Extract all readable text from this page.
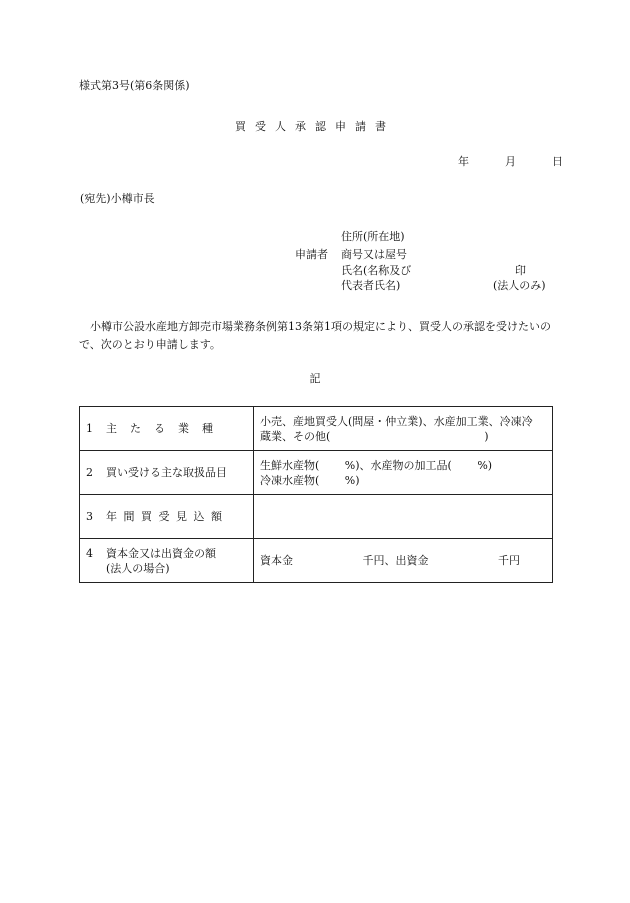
様式第3号(第6条関係)
買受人承認申請書
年	月	日
(宛先)小樽市長
申請者
住所(所在地)
商号又は屋号
氏名(名称及び
代表者氏名)
印
(法人のみ)
小樽市公設水産地方卸売市場業務条例第13条第1項の規定により、買受人の承認を受けたいので、次のとおり申請します。
記
1 主たる業種	小売、産地買受人(問屋・仲立業)、水産加工業、冷凍冷
蔵業、その他(　　　　　　　　　　　　　　)

2 買い受ける主な取扱品目	生鮮水産物(　　 %)、水産物の加工品(　　 %)
冷凍水産物(　　 %)

3 年間買受見込額	

4 資本金又は出資金の額
(法人の場合)	資本金　　　　　　 千円、出資金　　　　　　 千円
